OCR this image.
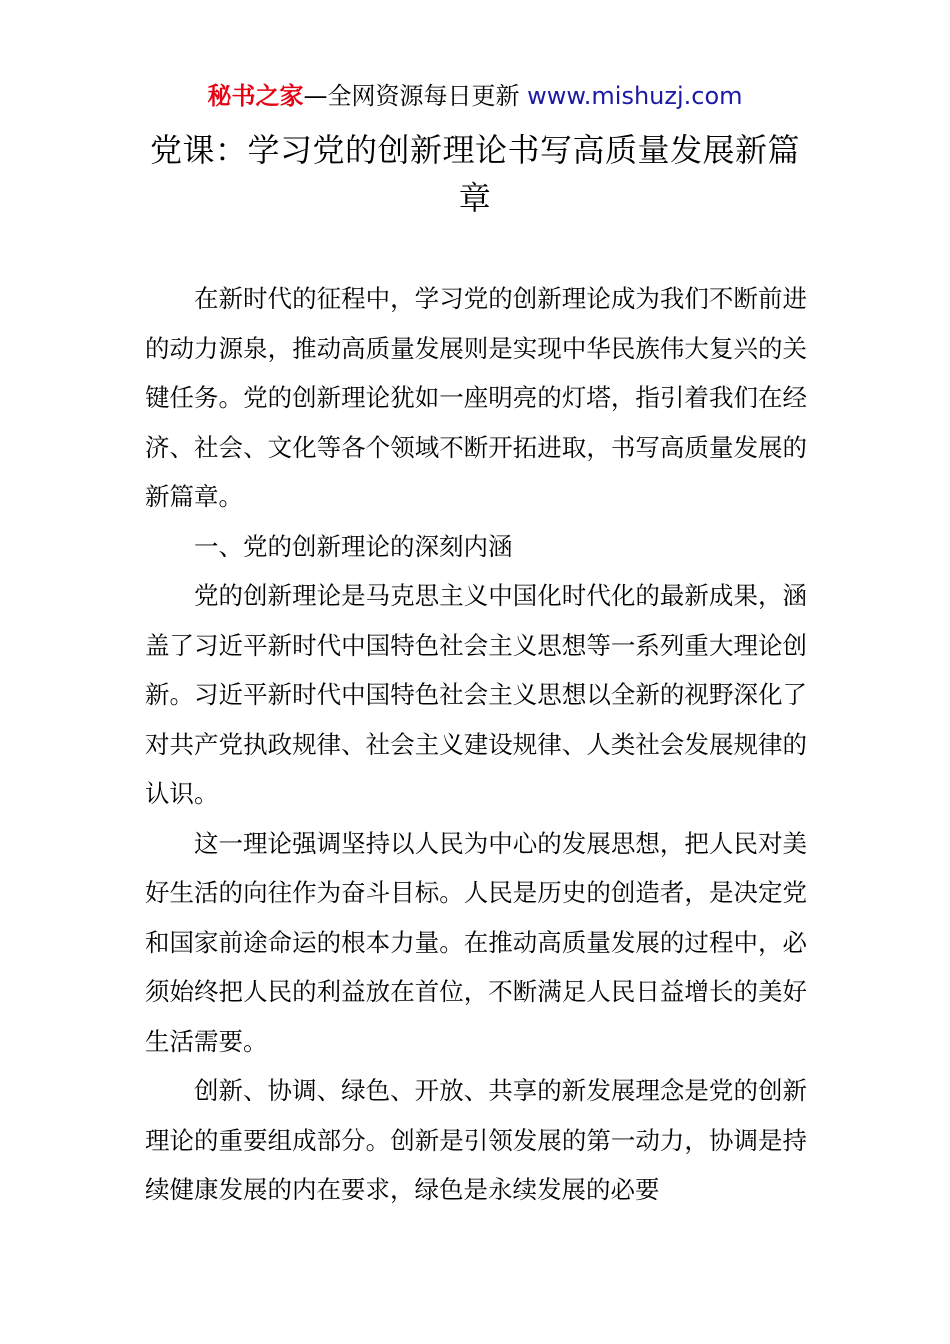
秘书之家—全网资源每日更新 www.mishuzj.com
党课：学习党的创新理论书写高质量发展新篇章

在新时代的征程中，学习党的创新理论成为我们不断前进的动力源泉，推动高质量发展则是实现中华民族伟大复兴的关键任务。党的创新理论犹如一座明亮的灯塔，指引着我们在经济、社会、文化等各个领域不断开拓进取，书写高质量发展的新篇章。

一、党的创新理论的深刻内涵

党的创新理论是马克思主义中国化时代化的最新成果，涵盖了习近平新时代中国特色社会主义思想等一系列重大理论创新。习近平新时代中国特色社会主义思想以全新的视野深化了对共产党执政规律、社会主义建设规律、人类社会发展规律的认识。

这一理论强调坚持以人民为中心的发展思想，把人民对美好生活的向往作为奋斗目标。人民是历史的创造者，是决定党和国家前途命运的根本力量。在推动高质量发展的过程中，必须始终把人民的利益放在首位，不断满足人民日益增长的美好生活需要。

创新、协调、绿色、开放、共享的新发展理念是党的创新理论的重要组成部分。创新是引领发展的第一动力，协调是持续健康发展的内在要求，绿色是永续发展的必要
